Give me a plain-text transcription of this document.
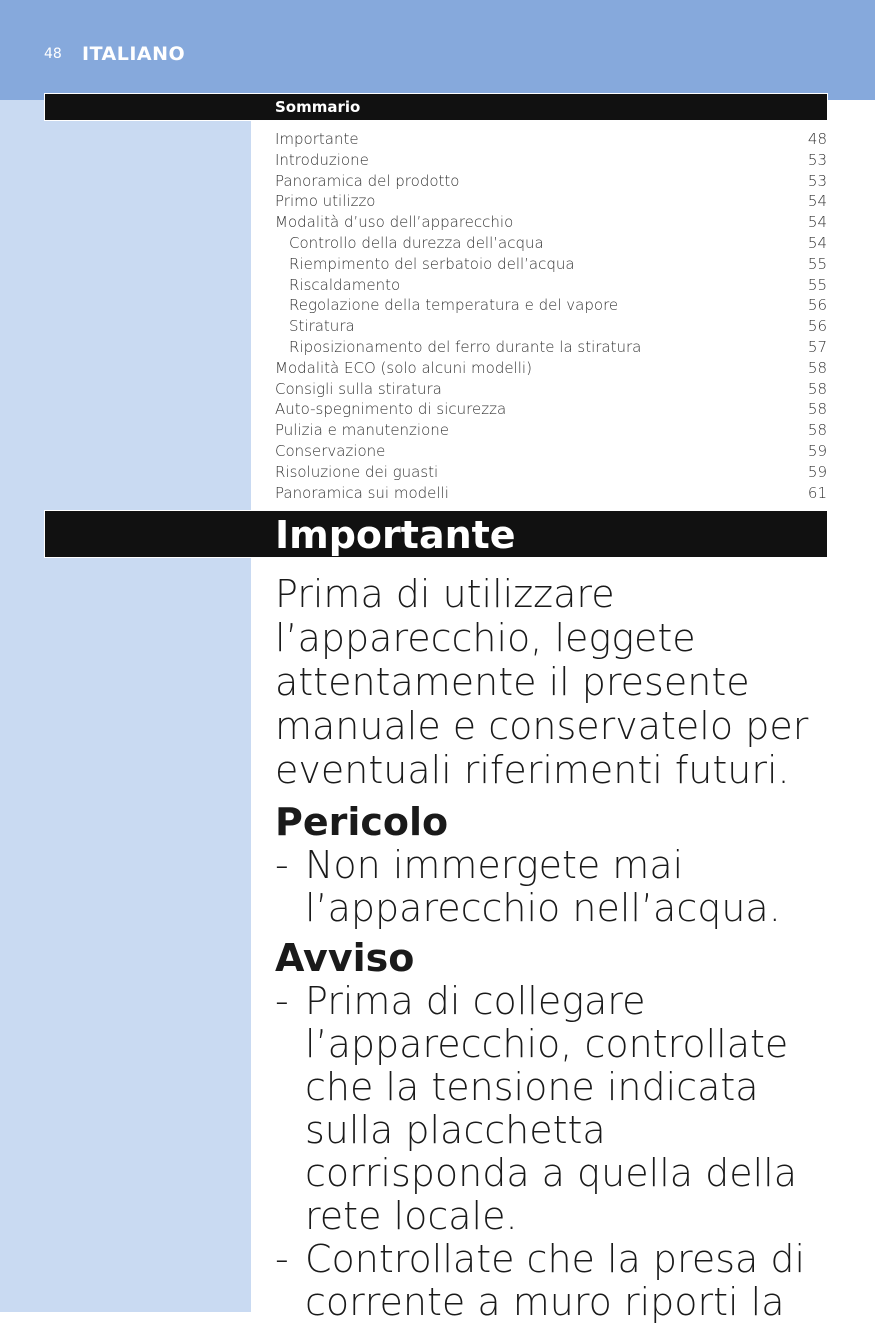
48 ITALIANO
Sommario
Importante	48
Introduzione	53
Panoramica del prodotto	53
Primo utilizzo	54
Modalità d’uso dell’apparecchio	54
Controllo della durezza dell’acqua	54
Riempimento del serbatoio dell’acqua	55
Riscaldamento	55
Regolazione della temperatura e del vapore	56
Stiratura	56
Riposizionamento del ferro durante la stiratura	57
Modalità ECO (solo alcuni modelli)	58
Consigli sulla stiratura	58
Auto-spegnimento di sicurezza	58
Pulizia e manutenzione	58
Conservazione	59
Risoluzione dei guasti	59
Panoramica sui modelli	61
Importante

Prima di utilizzare l’apparecchio, leggete attentamente il presente manuale e conservatelo per eventuali riferimenti futuri.

Pericolo
- Non immergete mai l’apparecchio nell’acqua.
Avviso
- Prima di collegare l’apparecchio, controllate che la tensione indicata sulla placchetta corrisponda a quella della rete locale.
- Controllate che la presa di corrente a muro riporti la
